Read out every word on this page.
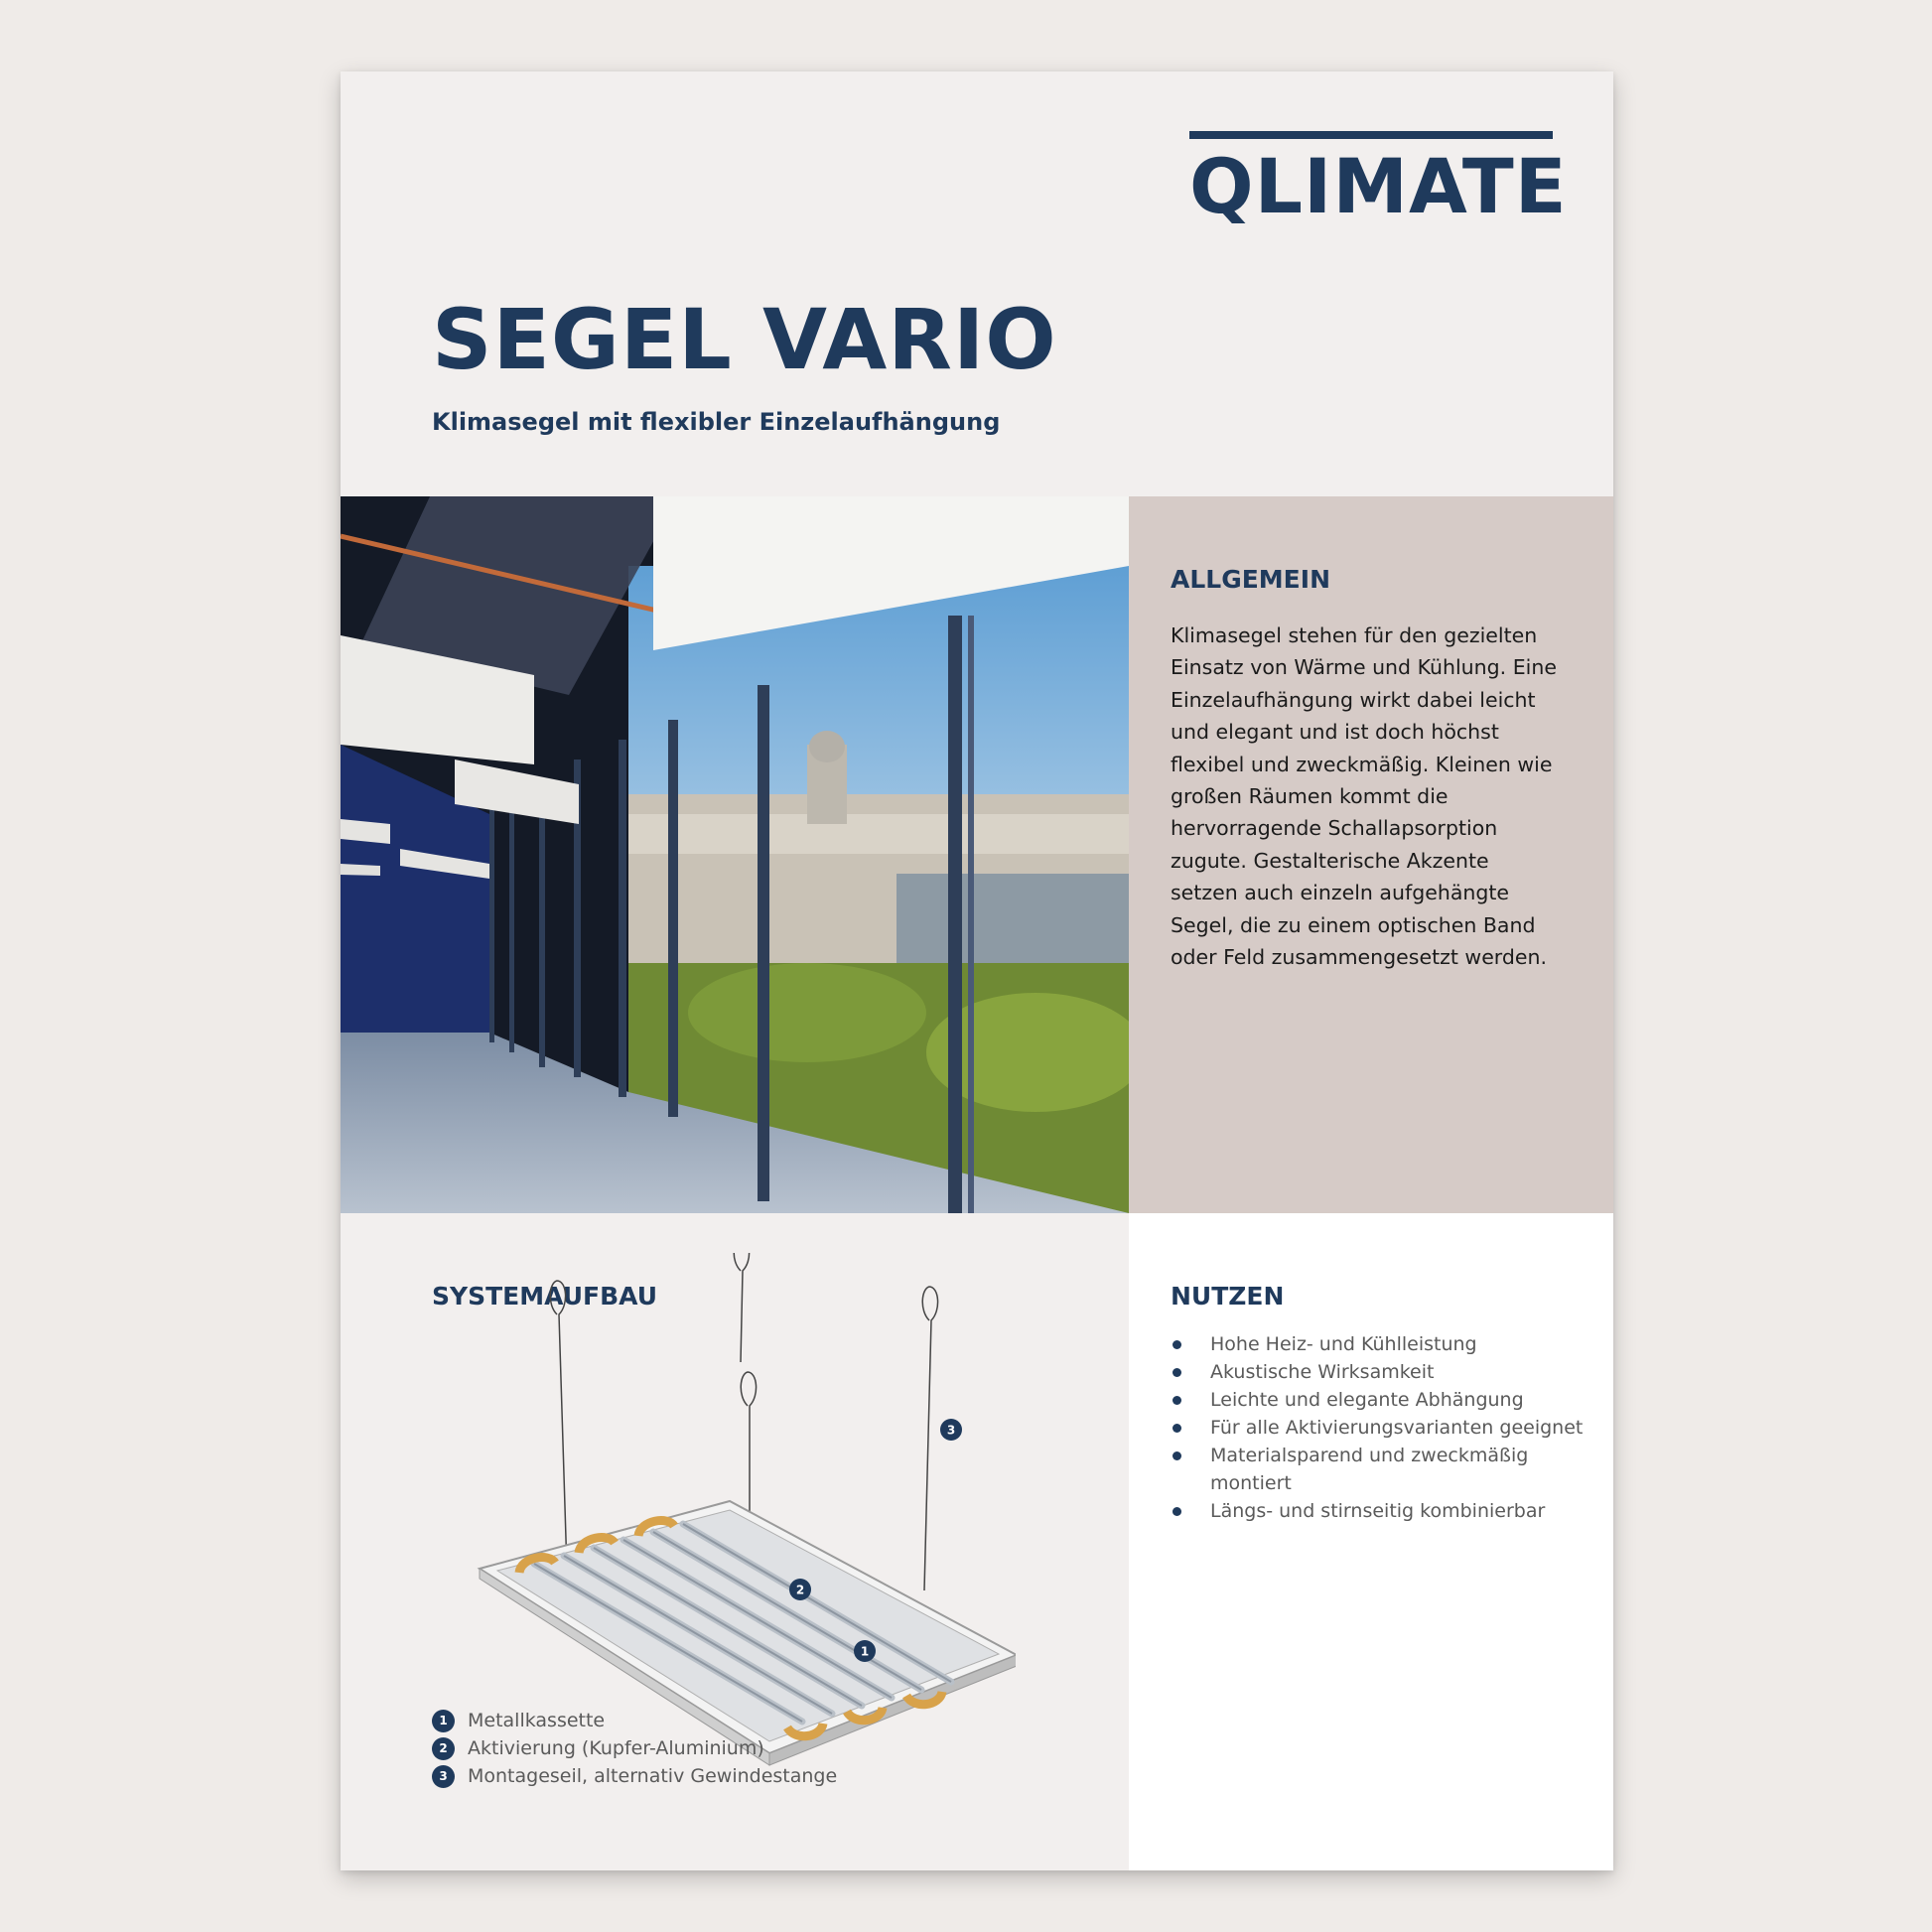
QLIMATE
SEGEL VARIO
Klimasegel mit flexibler Einzelaufhängung
ALLGEMEIN
Klimasegel stehen für den gezielten Einsatz von Wärme und Kühlung. Eine Einzelaufhängung wirkt dabei leicht und elegant und ist doch höchst flexibel und zweckmäßig. Kleinen wie großen Räumen kommt die hervorragende Schallapsorption zugute. Gestalterische Akzente setzen auch einzeln aufgehängte Segel, die zu einem optischen Band oder Feld zusammengesetzt werden.
SYSTEMAUFBAU
1
2
3
1	Metallkassette
2	Aktivierung (Kupfer-Aluminium)
3	Montageseil, alternativ Gewindestange
NUTZEN
Hohe Heiz- und Kühlleistung
Akustische Wirksamkeit
Leichte und elegante Abhängung
Für alle Aktivierungsvarianten geeignet
Materialsparend und zweckmäßig montiert
Längs- und stirnseitig kombinierbar
